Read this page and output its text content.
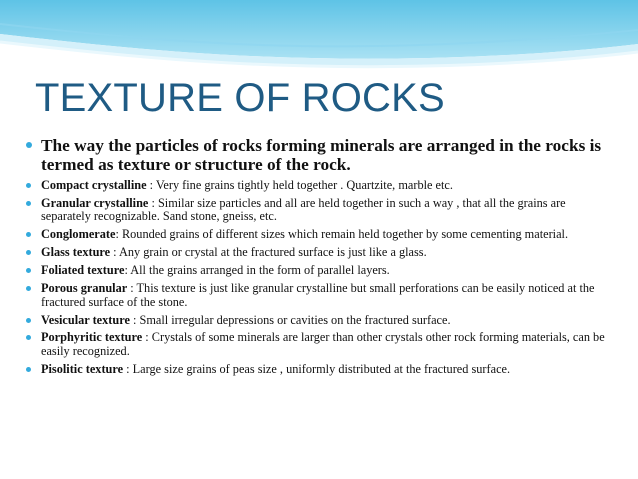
TEXTURE OF ROCKS
The way the particles of rocks forming minerals are arranged in the rocks is termed as texture or structure of the rock.
Compact crystalline : Very fine grains tightly held together . Quartzite, marble etc.
Granular crystalline : Similar size particles and all are held together in such a way , that all the grains are separately recognizable. Sand stone, gneiss, etc.
Conglomerate: Rounded grains of different sizes which remain held together by some cementing material.
Glass texture : Any grain or crystal at the fractured surface is just like a glass.
Foliated texture: All the grains arranged in the form of parallel layers.
Porous granular : This texture is just like granular crystalline but small perforations can be easily noticed at the fractured surface of the stone.
Vesicular texture : Small irregular depressions or cavities on the fractured surface.
Porphyritic texture : Crystals of some minerals are larger than other crystals other rock forming materials, can be easily recognized.
Pisolitic texture : Large size grains of peas size , uniformly distributed at the fractured surface.
